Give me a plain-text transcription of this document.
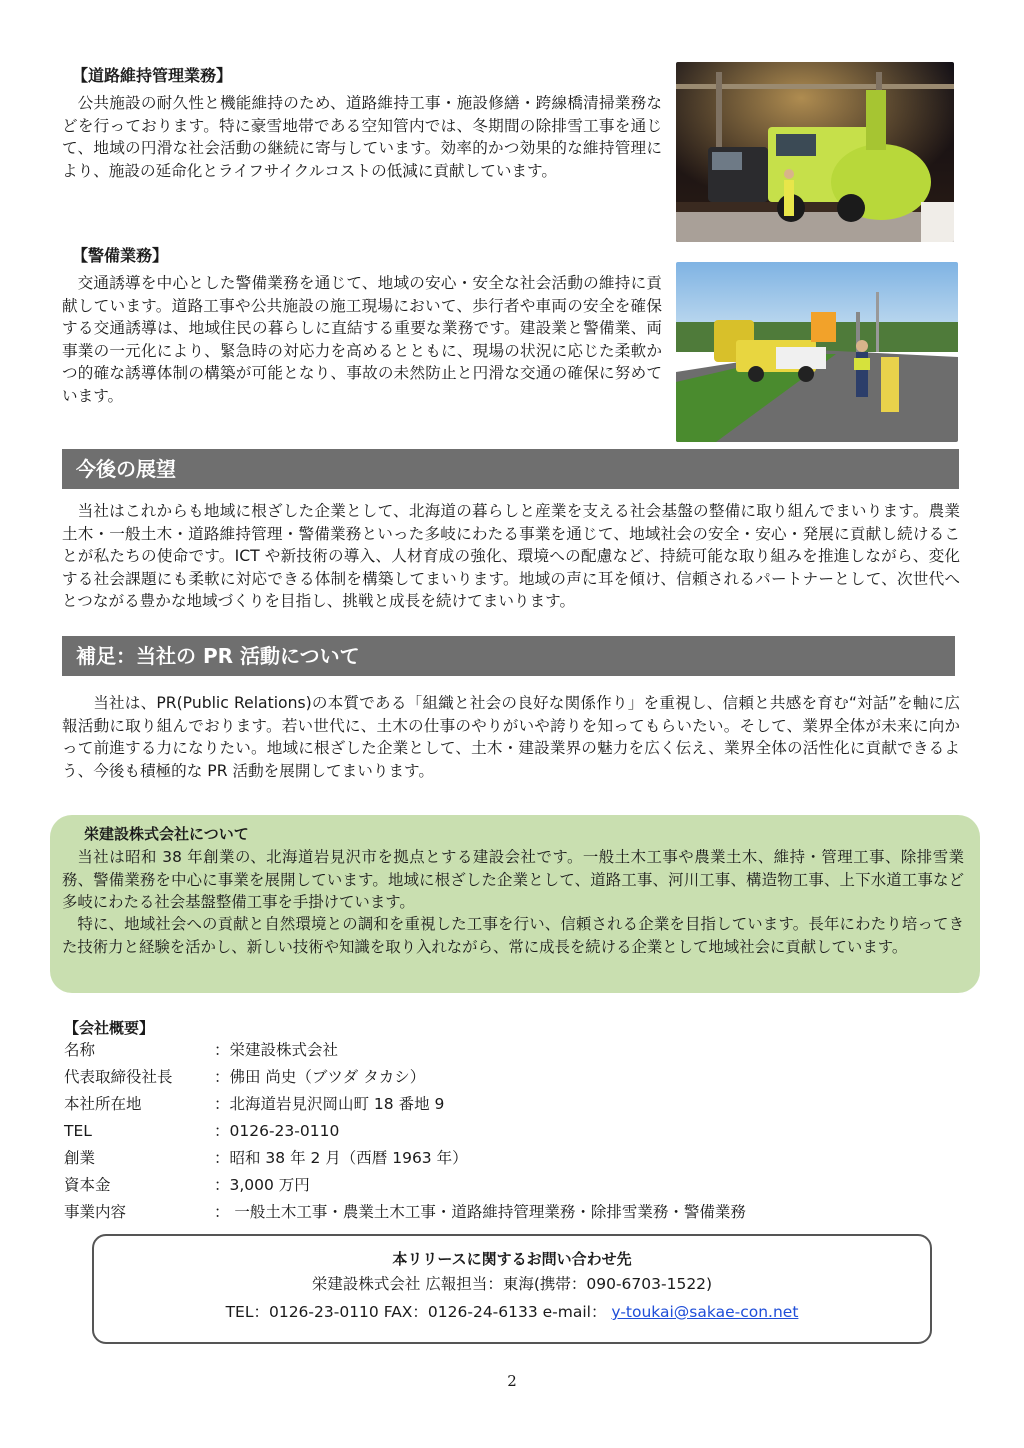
【道路維持管理業務】
公共施設の耐久性と機能維持のため、道路維持工事・施設修繕・跨線橋清掃業務などを行っております。特に豪雪地帯である空知管内では、冬期間の除排雪工事を通じて、地域の円滑な社会活動の継続に寄与しています。効率的かつ効果的な維持管理により、施設の延命化とライフサイクルコストの低減に貢献しています。
【警備業務】
交通誘導を中心とした警備業務を通じて、地域の安心・安全な社会活動の維持に貢献しています。道路工事や公共施設の施工現場において、歩行者や車両の安全を確保する交通誘導は、地域住民の暮らしに直結する重要な業務です。建設業と警備業、両事業の一元化により、緊急時の対応力を高めるとともに、現場の状況に応じた柔軟かつ的確な誘導体制の構築が可能となり、事故の未然防止と円滑な交通の確保に努めています。
今後の展望
当社はこれからも地域に根ざした企業として、北海道の暮らしと産業を支える社会基盤の整備に取り組んでまいります。農業土木・一般土木・道路維持管理・警備業務といった多岐にわたる事業を通じて、地域社会の安全・安心・発展に貢献し続けることが私たちの使命です。ICT や新技術の導入、人材育成の強化、環境への配慮など、持続可能な取り組みを推進しながら、変化する社会課題にも柔軟に対応できる体制を構築してまいります。地域の声に耳を傾け、信頼されるパートナーとして、次世代へとつながる豊かな地域づくりを目指し、挑戦と成長を続けてまいります。
補足：当社の PR 活動について
当社は、PR(Public Relations)の本質である「組織と社会の良好な関係作り」を重視し、信頼と共感を育む“対話”を軸に広報活動に取り組んでおります。若い世代に、土木の仕事のやりがいや誇りを知ってもらいたい。そして、業界全体が未来に向かって前進する力になりたい。地域に根ざした企業として、土木・建設業界の魅力を広く伝え、業界全体の活性化に貢献できるよう、今後も積極的な PR 活動を展開してまいります。
栄建設株式会社について
当社は昭和 38 年創業の、北海道岩見沢市を拠点とする建設会社です。一般土木工事や農業土木、維持・管理工事、除排雪業務、警備業務を中心に事業を展開しています。地域に根ざした企業として、道路工事、河川工事、構造物工事、上下水道工事など多岐にわたる社会基盤整備工事を手掛けています。
特に、地域社会への貢献と自然環境との調和を重視した工事を行い、信頼される企業を目指しています。長年にわたり培ってきた技術力と経験を活かし、新しい技術や知識を取り入れながら、常に成長を続ける企業として地域社会に貢献しています。
【会社概要】
名称	：栄建設株式会社
代表取締役社長	：佛田 尚史（ブツダ タカシ）
本社所在地	：北海道岩見沢岡山町 18 番地 9
TEL	：0126-23-0110
創業	：昭和 38 年 2 月（西暦 1963 年）
資本金	：3,000 万円
事業内容	： 一般土木工事・農業土木工事・道路維持管理業務・除排雪業務・警備業務
本リリースに関するお問い合わせ先
栄建設株式会社 広報担当：東海(携帯：090-6703-1522)
TEL：0126-23-0110 FAX：0126-24-6133 e-mail： y-toukai@sakae-con.net
2
